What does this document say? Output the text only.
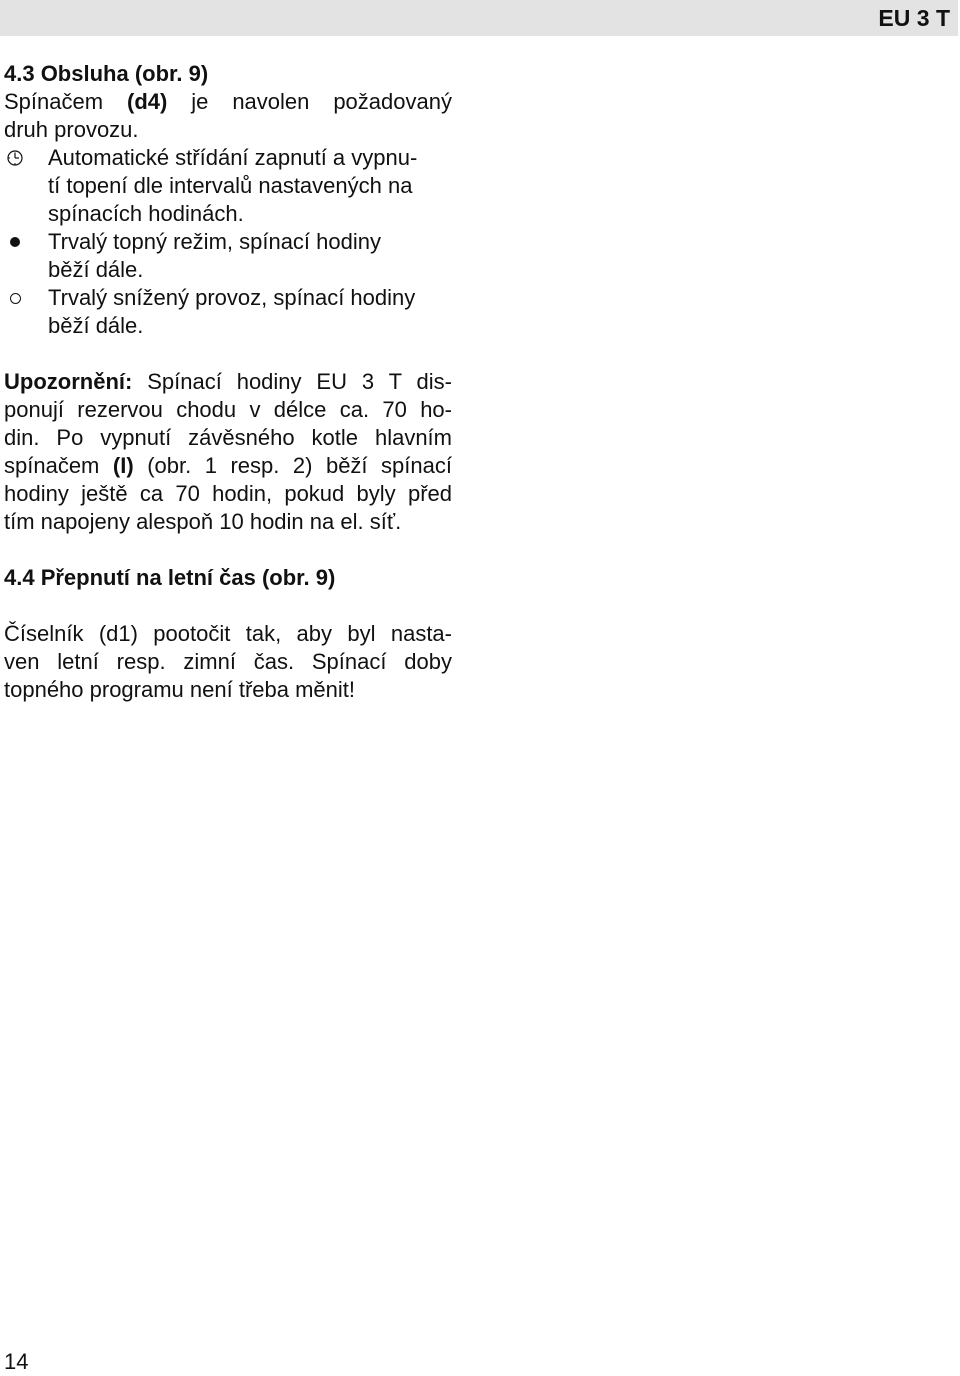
EU 3 T
4.3 Obsluha (obr. 9)
Spínačem (d4) je navolen požadovaný
druh provozu.
Automatické střídání zapnutí a vypnu-
tí topení dle intervalů nastavených na
spínacích hodinách.
Trvalý topný režim, spínací hodiny
běží dále.
Trvalý snížený provoz, spínací hodiny
běží dále.
Upozornění: Spínací hodiny EU 3 T dis-
ponují rezervou chodu v délce ca. 70 ho-
din. Po vypnutí závěsného kotle hlavním
spínačem (I) (obr. 1 resp. 2) běží spínací
hodiny ještě ca 70 hodin, pokud byly před
tím napojeny alespoň 10 hodin na el. síť.
4.4 Přepnutí na letní čas (obr. 9)
Číselník (d1) pootočit tak, aby byl nasta-
ven letní resp. zimní čas. Spínací doby
topného programu není třeba měnit!
14
